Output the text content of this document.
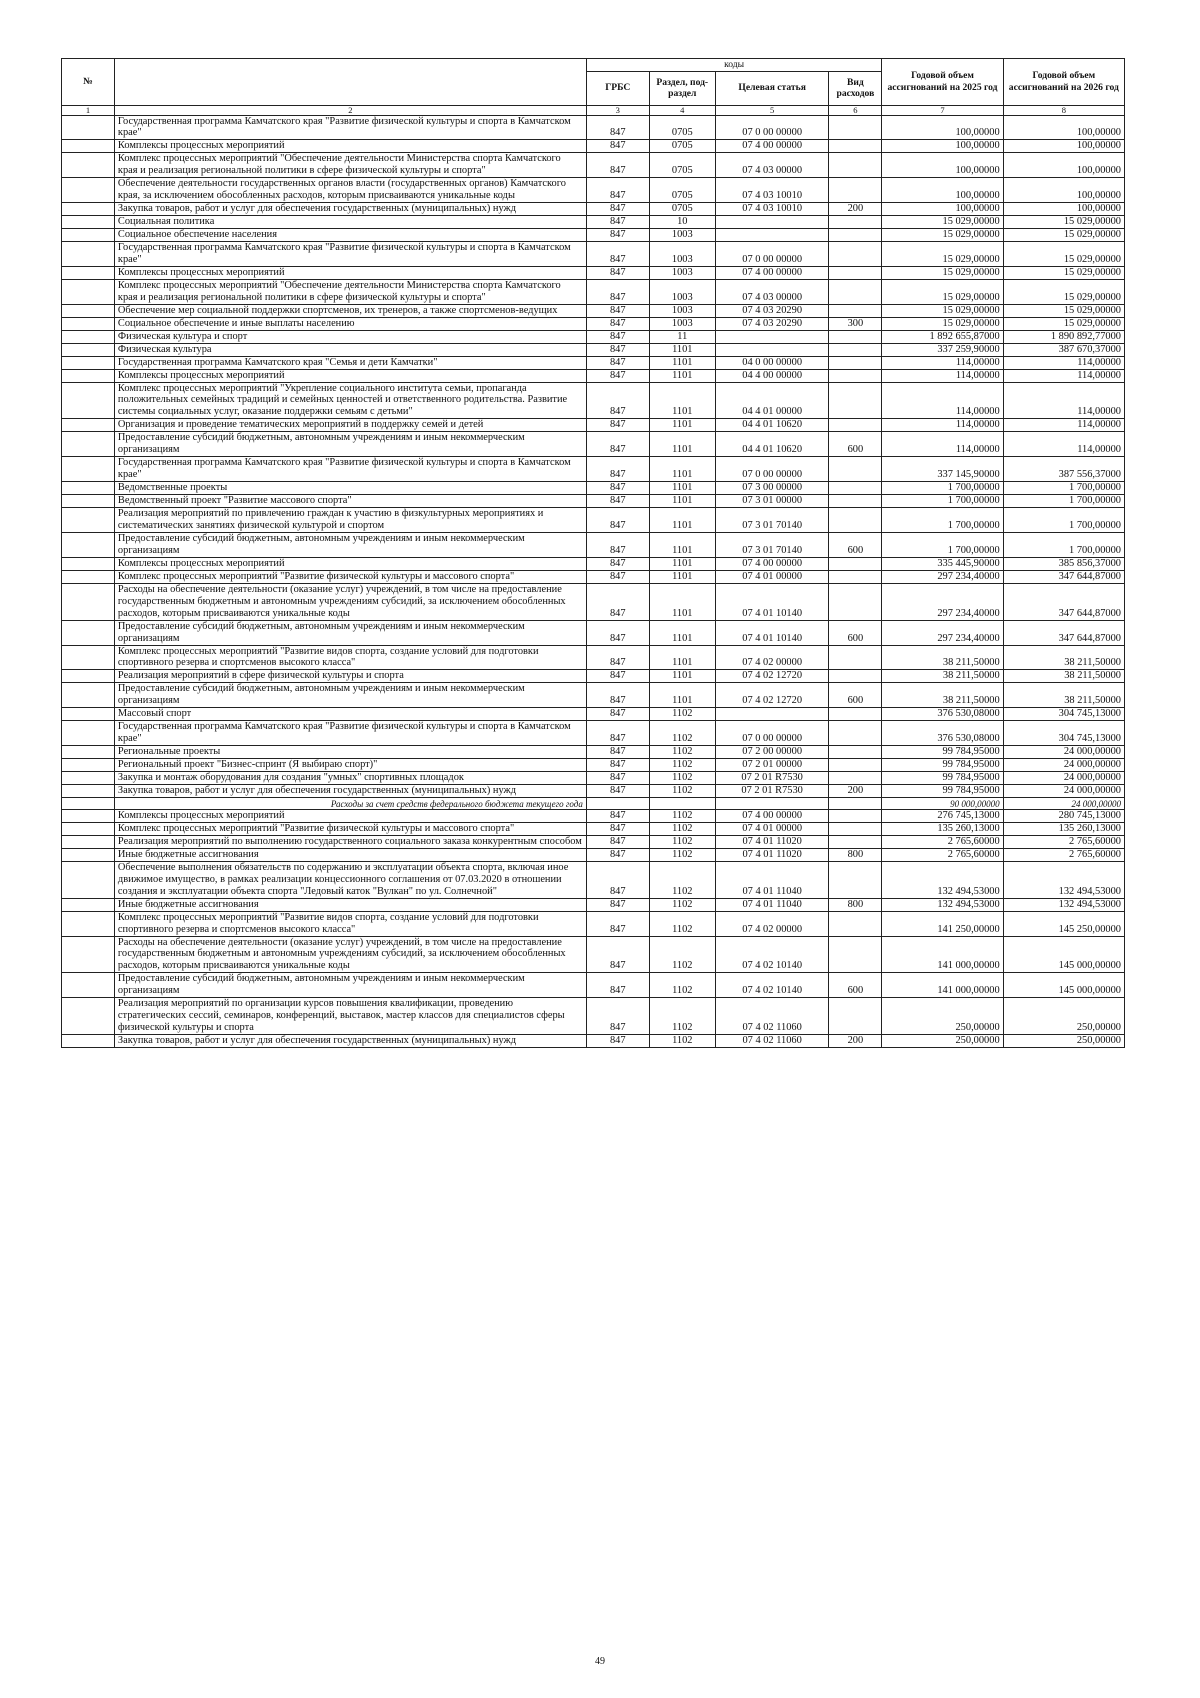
№		коды				Годовой объем ассигнований на 2025 год	Годовой объем ассигнований на 2026 год
		ГРБС	Раздел, под-раздел	Целевая статья	Вид расходов		
1	2	3	4	5	6	7	8
	Государственная программа Камчатского края "Развитие физической культуры и спорта в Камчатском крае"	847	0705	07 0 00 00000		100,00000	100,00000
	Комплексы процессных мероприятий	847	0705	07 4 00 00000		100,00000	100,00000
	Комплекс процессных мероприятий "Обеспечение деятельности Министерства спорта Камчатского края и реализация региональной политики в сфере физической культуры и спорта"	847	0705	07 4 03 00000		100,00000	100,00000
	Обеспечение деятельности государственных органов власти (государственных органов) Камчатского края, за исключением обособленных расходов, которым присваиваются уникальные коды	847	0705	07 4 03 10010		100,00000	100,00000
	Закупка товаров, работ и услуг для обеспечения государственных (муниципальных) нужд	847	0705	07 4 03 10010	200	100,00000	100,00000
	Социальная политика	847	10			15 029,00000	15 029,00000
	Социальное обеспечение населения	847	1003			15 029,00000	15 029,00000
	Государственная программа Камчатского края "Развитие физической культуры и спорта в Камчатском крае"	847	1003	07 0 00 00000		15 029,00000	15 029,00000
	Комплексы процессных мероприятий	847	1003	07 4 00 00000		15 029,00000	15 029,00000
	Комплекс процессных мероприятий "Обеспечение деятельности Министерства спорта Камчатского края и реализация региональной политики в сфере физической культуры и спорта"	847	1003	07 4 03 00000		15 029,00000	15 029,00000
	Обеспечение мер социальной поддержки спортсменов, их тренеров, а также спортсменов-ведущих	847	1003	07 4 03 20290		15 029,00000	15 029,00000
	Социальное обеспечение и иные выплаты населению	847	1003	07 4 03 20290	300	15 029,00000	15 029,00000
	Физическая культура и спорт	847	11			1 892 655,87000	1 890 892,77000
	Физическая культура	847	1101			337 259,90000	387 670,37000
	Государственная программа Камчатского края "Семья и дети Камчатки"	847	1101	04 0 00 00000		114,00000	114,00000
	Комплексы процессных мероприятий	847	1101	04 4 00 00000		114,00000	114,00000
	Комплекс процессных мероприятий "Укрепление социального института семьи, пропаганда положительных семейных традиций и семейных ценностей и ответственного родительства. Развитие системы социальных услуг, оказание поддержки семьям с детьми"	847	1101	04 4 01 00000		114,00000	114,00000
	Организация и проведение тематических мероприятий в поддержку семей и детей	847	1101	04 4 01 10620		114,00000	114,00000
	Предоставление субсидий бюджетным, автономным учреждениям и иным некоммерческим организациям	847	1101	04 4 01 10620	600	114,00000	114,00000
	Государственная программа Камчатского края "Развитие физической культуры и спорта в Камчатском крае"	847	1101	07 0 00 00000		337 145,90000	387 556,37000
	Ведомственные проекты	847	1101	07 3 00 00000		1 700,00000	1 700,00000
	Ведомственный проект "Развитие массового спорта"	847	1101	07 3 01 00000		1 700,00000	1 700,00000
	Реализация мероприятий по привлечению граждан к участию в физкультурных мероприятиях и систематических занятиях физической культурой и спортом	847	1101	07 3 01 70140		1 700,00000	1 700,00000
	Предоставление субсидий бюджетным, автономным учреждениям и иным некоммерческим организациям	847	1101	07 3 01 70140	600	1 700,00000	1 700,00000
	Комплексы процессных мероприятий	847	1101	07 4 00 00000		335 445,90000	385 856,37000
	Комплекс процессных мероприятий "Развитие физической культуры и массового спорта"	847	1101	07 4 01 00000		297 234,40000	347 644,87000
	Расходы на обеспечение деятельности (оказание услуг) учреждений, в том числе на предоставление государственным бюджетным и автономным учреждениям субсидий, за исключением обособленных расходов, которым присваиваются уникальные коды	847	1101	07 4 01 10140		297 234,40000	347 644,87000
	Предоставление субсидий бюджетным, автономным учреждениям и иным некоммерческим организациям	847	1101	07 4 01 10140	600	297 234,40000	347 644,87000
	Комплекс процессных мероприятий "Развитие видов спорта, создание условий для подготовки спортивного резерва и спортсменов высокого класса"	847	1101	07 4 02 00000		38 211,50000	38 211,50000
	Реализация мероприятий в сфере физической культуры и спорта	847	1101	07 4 02 12720		38 211,50000	38 211,50000
	Предоставление субсидий бюджетным, автономным учреждениям и иным некоммерческим организациям	847	1101	07 4 02 12720	600	38 211,50000	38 211,50000
	Массовый спорт	847	1102			376 530,08000	304 745,13000
	Государственная программа Камчатского края "Развитие физической культуры и спорта в Камчатском крае"	847	1102	07 0 00 00000		376 530,08000	304 745,13000
	Региональные проекты	847	1102	07 2 00 00000		99 784,95000	24 000,00000
	Региональный проект "Бизнес-спринт (Я выбираю спорт)"	847	1102	07 2 01 00000		99 784,95000	24 000,00000
	Закупка и монтаж оборудования для создания "умных" спортивных площадок	847	1102	07 2 01 R7530		99 784,95000	24 000,00000
	Закупка товаров, работ и услуг для обеспечения государственных (муниципальных) нужд	847	1102	07 2 01 R7530	200	99 784,95000	24 000,00000
	Расходы за счет средств федерального бюджета текущего года					90 000,00000	24 000,00000
	Комплексы процессных мероприятий	847	1102	07 4 00 00000		276 745,13000	280 745,13000
	Комплекс процессных мероприятий "Развитие физической культуры и массового спорта"	847	1102	07 4 01 00000		135 260,13000	135 260,13000
	Реализация мероприятий по выполнению государственного социального заказа конкурентным способом	847	1102	07 4 01 11020		2 765,60000	2 765,60000
	Иные бюджетные ассигнования	847	1102	07 4 01 11020	800	2 765,60000	2 765,60000
	Обеспечение выполнения обязательств по содержанию и эксплуатации объекта спорта, включая иное движимое имущество, в рамках реализации концессионного соглашения от 07.03.2020 в отношении создания и эксплуатации объекта спорта "Ледовый каток "Вулкан" по ул. Солнечной"	847	1102	07 4 01 11040		132 494,53000	132 494,53000
	Иные бюджетные ассигнования	847	1102	07 4 01 11040	800	132 494,53000	132 494,53000
	Комплекс процессных мероприятий "Развитие видов спорта, создание условий для подготовки спортивного резерва и спортсменов высокого класса"	847	1102	07 4 02 00000		141 250,00000	145 250,00000
	Расходы на обеспечение деятельности (оказание услуг) учреждений, в том числе на предоставление государственным бюджетным и автономным учреждениям субсидий, за исключением обособленных расходов, которым присваиваются уникальные коды	847	1102	07 4 02 10140		141 000,00000	145 000,00000
	Предоставление субсидий бюджетным, автономным учреждениям и иным некоммерческим организациям	847	1102	07 4 02 10140	600	141 000,00000	145 000,00000
	Реализация мероприятий по организации курсов повышения квалификации, проведению стратегических сессий, семинаров, конференций, выставок, мастер классов для специалистов сферы физической культуры и спорта	847	1102	07 4 02 11060		250,00000	250,00000
	Закупка товаров, работ и услуг для обеспечения государственных (муниципальных) нужд	847	1102	07 4 02 11060	200	250,00000	250,00000
49
